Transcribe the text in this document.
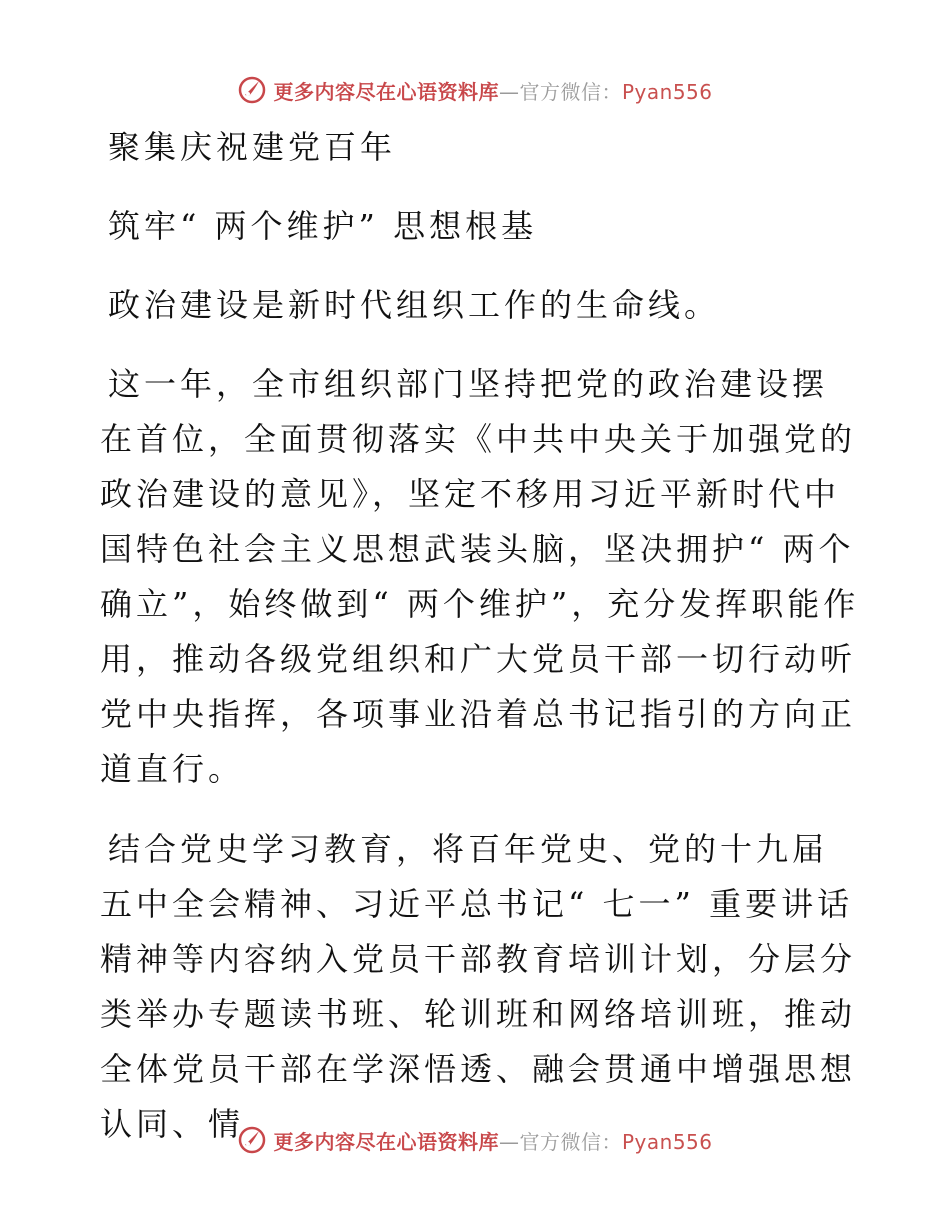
更多内容尽在心语资料库—官方微信：Pyan556

聚集庆祝建党百年

筑牢“ 两个维护” 思想根基

政治建设是新时代组织工作的生命线。

这一年，全市组织部门坚持把党的政治建设摆在首位，全面贯彻落实《中共中央关于加强党的政治建设的意见》，坚定不移用习近平新时代中国特色社会主义思想武装头脑，坚决拥护“ 两个确立”，始终做到“ 两个维护”，充分发挥职能作用，推动各级党组织和广大党员干部一切行动听党中央指挥，各项事业沿着总书记指引的方向正道直行。

结合党史学习教育，将百年党史、党的十九届五中全会精神、习近平总书记“ 七一” 重要讲话精神等内容纳入党员干部教育培训计划，分层分类举办专题读书班、轮训班和网络培训班，推动全体党员干部在学深悟透、融会贯通中增强思想认同、情	更多内容尽在心语资料库—官方微信：Pyan556
